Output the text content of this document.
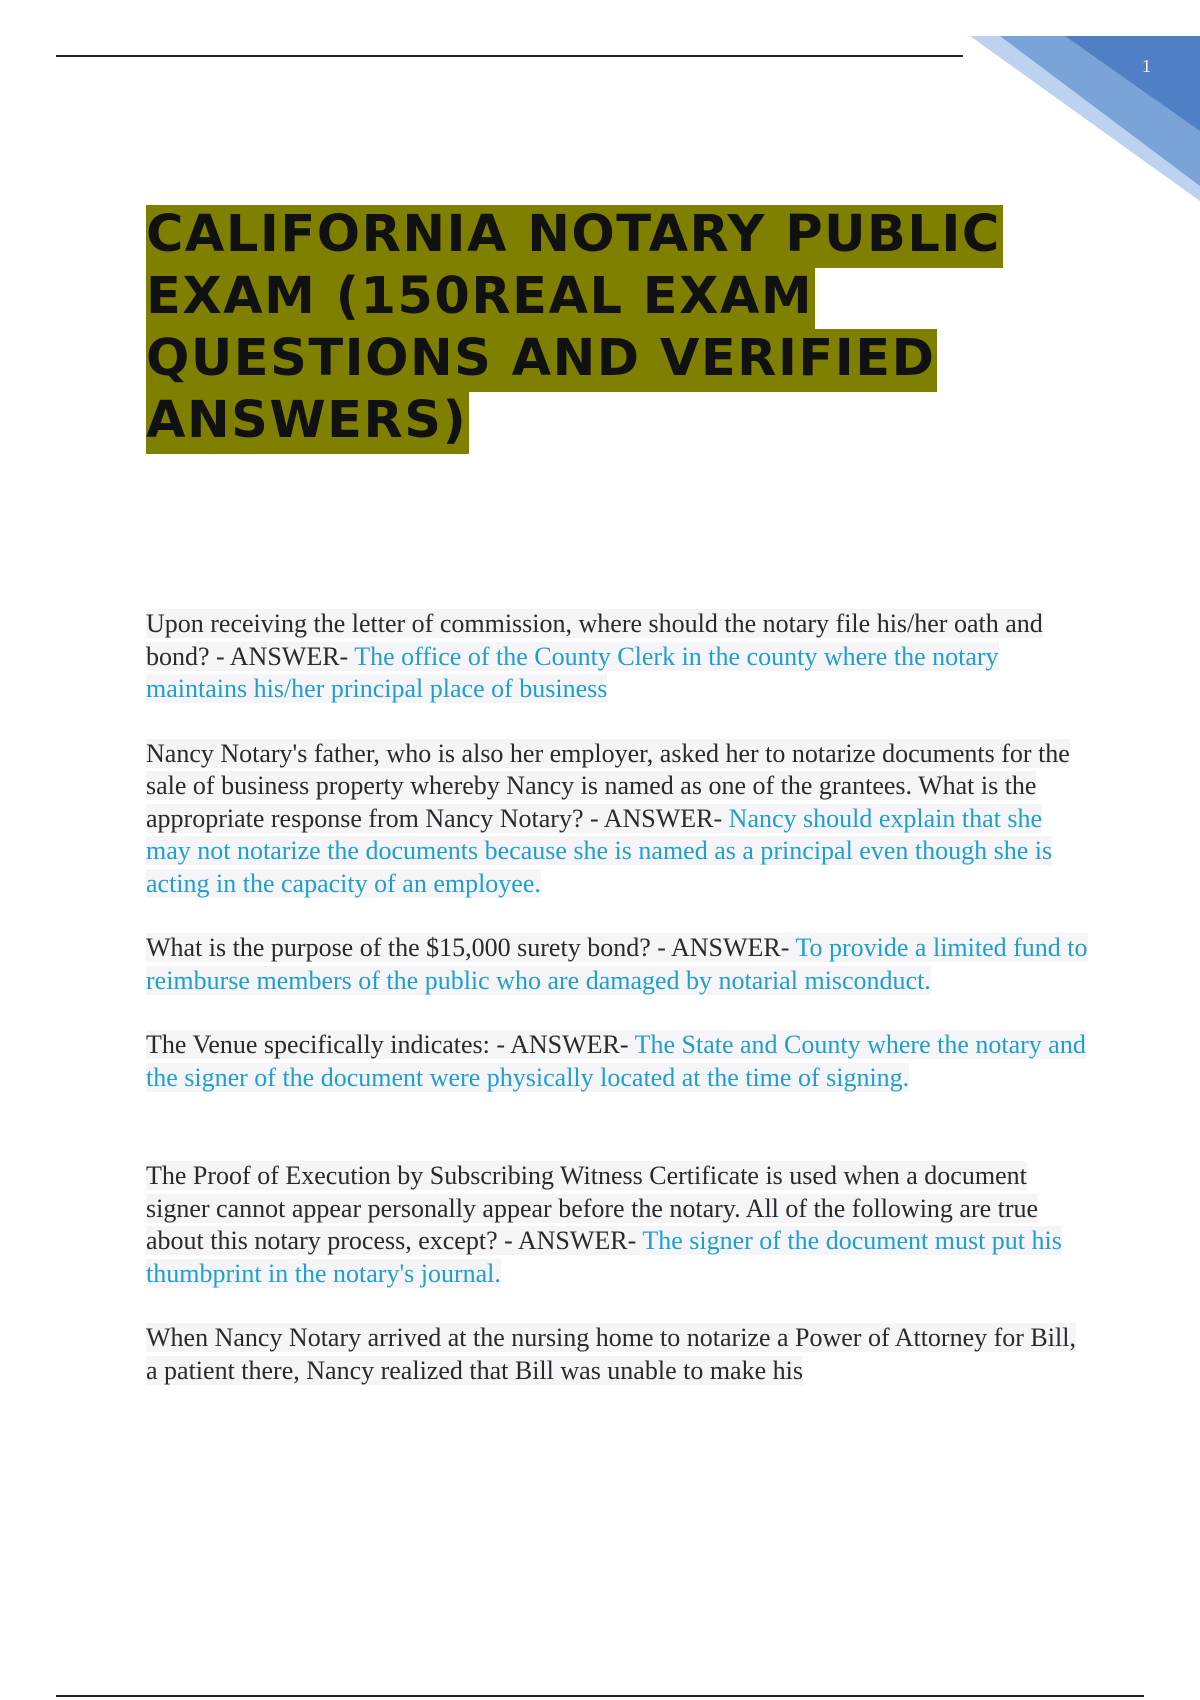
1
CALIFORNIA NOTARY PUBLIC
EXAM (150REAL EXAM
QUESTIONS AND VERIFIED
ANSWERS)

Upon receiving the letter of commission, where should the notary file his/her oath and bond? - ANSWER- The office of the County Clerk in the county where the notary maintains his/her principal place of business

Nancy Notary's father, who is also her employer, asked her to notarize documents for the sale of business property whereby Nancy is named as one of the grantees. What is the appropriate response from Nancy Notary? - ANSWER- Nancy should explain that she may not notarize the documents because she is named as a principal even though she is acting in the capacity of an employee.

What is the purpose of the $15,000 surety bond? - ANSWER- To provide a limited fund to reimburse members of the public who are damaged by notarial misconduct.

The Venue specifically indicates: - ANSWER- The State and County where the notary and the signer of the document were physically located at the time of signing.

The Proof of Execution by Subscribing Witness Certificate is used when a document signer cannot appear personally appear before the notary. All of the following are true about this notary process, except? - ANSWER- The signer of the document must put his thumbprint in the notary's journal.

When Nancy Notary arrived at the nursing home to notarize a Power of Attorney for Bill, a patient there, Nancy realized that Bill was unable to make his
